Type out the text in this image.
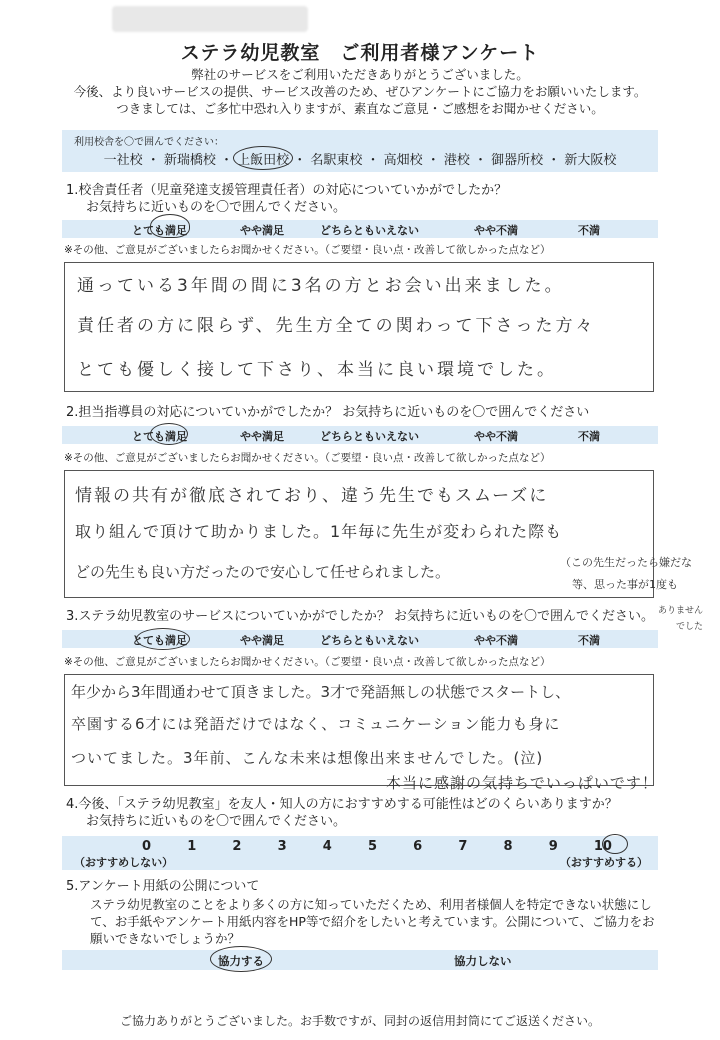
ステラ幼児教室　ご利用者様アンケート
弊社のサービスをご利用いただきありがとうございました。
今後、より良いサービスの提供、サービス改善のため、ぜひアンケートにご協力をお願いいたします。
つきましては、ご多忙中恐れ入りますが、素直なご意見・ご感想をお聞かせください。
利用校舎を〇で囲んでください：
一社校 ・ 新瑞橋校 ・ 上飯田校 ・ 名駅東校 ・ 高畑校 ・ 港校 ・ 御器所校 ・ 新大阪校
1.校舎責任者（児童発達支援管理責任者）の対応についていかがでしたか？
お気持ちに近いものを〇で囲んでください。
とても満足	やや満足	どちらともいえない	やや不満	不満
※その他、ご意見がございましたらお聞かせください。（ご要望・良い点・改善して欲しかった点など）
通っている3年間の間に3名の方とお会い出来ました。
責任者の方に限らず、先生方全ての関わって下さった方々
とても優しく接して下さり、本当に良い環境でした。
2.担当指導員の対応についていかがでしたか？ お気持ちに近いものを〇で囲んでください
とても満足	やや満足	どちらともいえない	やや不満	不満
※その他、ご意見がございましたらお聞かせください。（ご要望・良い点・改善して欲しかった点など）
情報の共有が徹底されており、違う先生でもスムーズに
取り組んで頂けて助かりました。1年毎に先生が変わられた際も
どの先生も良い方だったので安心して任せられました。
（この先生だったら嫌だな
等、思った事が1度も
ありません
でした
3.ステラ幼児教室のサービスについていかがでしたか？ お気持ちに近いものを〇で囲んでください。
とても満足	やや満足	どちらともいえない	やや不満	不満
※その他、ご意見がございましたらお聞かせください。（ご要望・良い点・改善して欲しかった点など）
年少から3年間通わせて頂きました。3才で発語無しの状態でスタートし、
卒園する6才には発語だけではなく、コミュニケーション能力も身に
ついてました。3年前、こんな未来は想像出来ませんでした。(泣)
本当に感謝の気持ちでいっぱいです！
4.今後、「ステラ幼児教室」を友人・知人の方におすすめする可能性はどのくらいありますか？
お気持ちに近いものを〇で囲んでください。
0	1	2	3	4	5	6	7	8	9	10
（おすすめしない）	（おすすめする）
5.アンケート用紙の公開について
ステラ幼児教室のことをより多くの方に知っていただくため、利用者様個人を特定できない状態にし
て、お手紙やアンケート用紙内容をHP等で紹介をしたいと考えています。公開について、ご協力をお
願いできないでしょうか？
協力する	協力しない
ご協力ありがとうございました。お手数ですが、同封の返信用封筒にてご返送ください。
